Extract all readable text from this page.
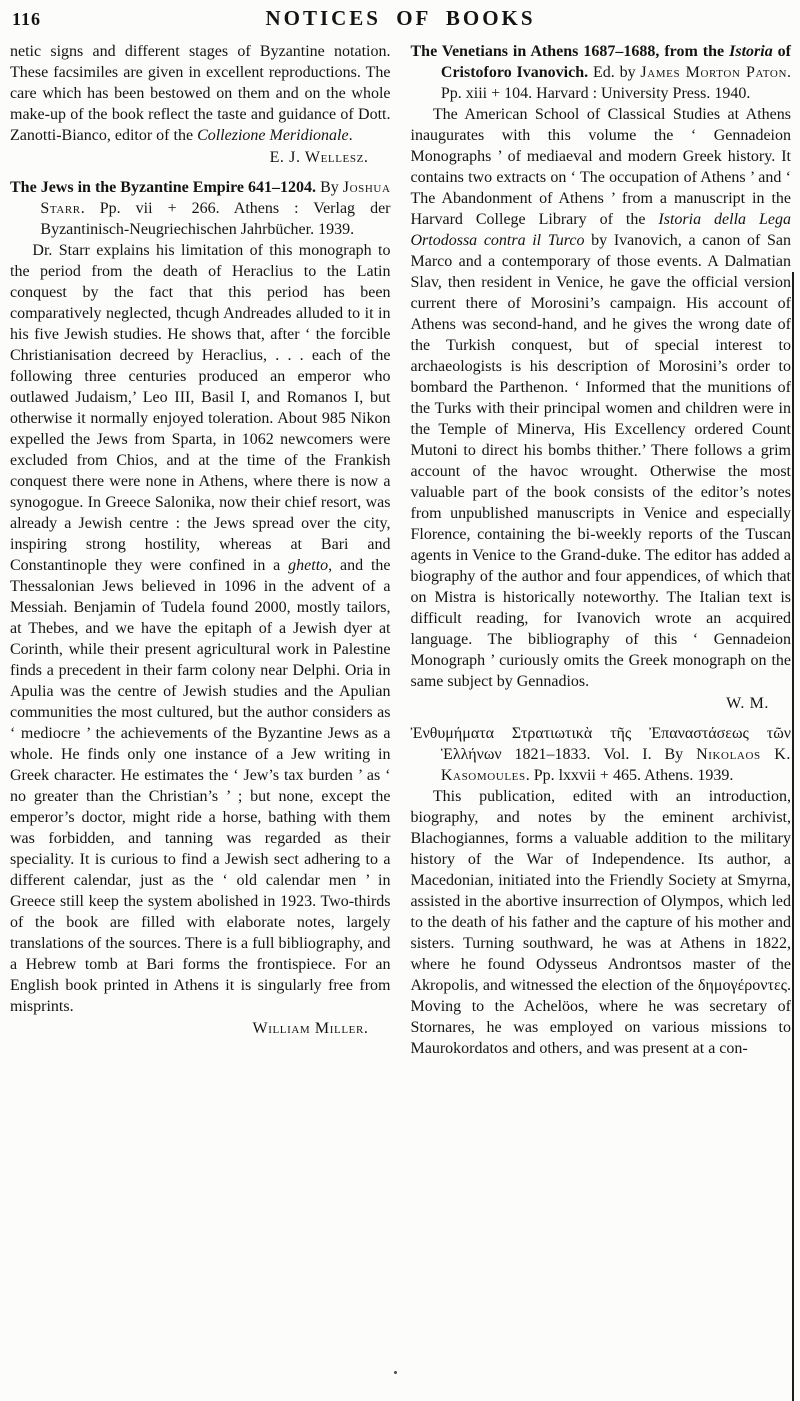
116	NOTICES OF BOOKS

netic signs and different stages of Byzantine notation. These facsimiles are given in excellent reproductions. The care which has been bestowed on them and on the whole make-up of the book reflect the taste and guidance of Dott. Zanotti-Bianco, editor of the Collezione Meridionale.

E. J. Wellesz.

The Jews in the Byzantine Empire 641–1204. By Joshua Starr. Pp. vii + 266. Athens : Verlag der Byzantinisch-Neugriechischen Jahrbücher. 1939.

Dr. Starr explains his limitation of this monograph to the period from the death of Heraclius to the Latin conquest by the fact that this period has been comparatively neglected, thcugh Andreades alluded to it in his five Jewish studies. He shows that, after ‘ the forcible Christianisation decreed by Heraclius, . . . each of the following three centuries produced an emperor who outlawed Judaism,’ Leo III, Basil I, and Romanos I, but otherwise it normally enjoyed toleration. About 985 Nikon expelled the Jews from Sparta, in 1062 newcomers were excluded from Chios, and at the time of the Frankish conquest there were none in Athens, where there is now a synogogue. In Greece Salonika, now their chief resort, was already a Jewish centre : the Jews spread over the city, inspiring strong hostility, whereas at Bari and Constantinople they were confined in a ghetto, and the Thessalonian Jews believed in 1096 in the advent of a Messiah. Benjamin of Tudela found 2000, mostly tailors, at Thebes, and we have the epitaph of a Jewish dyer at Corinth, while their present agricultural work in Palestine finds a precedent in their farm colony near Delphi. Oria in Apulia was the centre of Jewish studies and the Apulian communities the most cultured, but the author considers as ‘ mediocre ’ the achievements of the Byzantine Jews as a whole. He finds only one instance of a Jew writing in Greek character. He estimates the ‘ Jew’s tax burden ’ as ‘ no greater than the Christian’s ’ ; but none, except the emperor’s doctor, might ride a horse, bathing with them was forbidden, and tanning was regarded as their speciality. It is curious to find a Jewish sect adhering to a different calendar, just as the ‘ old calendar men ’ in Greece still keep the system abolished in 1923. Two-thirds of the book are filled with elaborate notes, largely translations of the sources. There is a full bibliography, and a Hebrew tomb at Bari forms the frontispiece. For an English book printed in Athens it is singularly free from misprints.

William Miller.

The Venetians in Athens 1687–1688, from the Istoria of Cristoforo Ivanovich. Ed. by James Morton Paton. Pp. xiii + 104. Harvard : University Press. 1940.

The American School of Classical Studies at Athens inaugurates with this volume the ‘ Gennadeion Monographs ’ of mediaeval and modern Greek history. It contains two extracts on ‘ The occupation of Athens ’ and ‘ The Abandonment of Athens ’ from a manuscript in the Harvard College Library of the Istoria della Lega Ortodossa contra il Turco by Ivanovich, a canon of San Marco and a contemporary of those events. A Dalmatian Slav, then resident in Venice, he gave the official version current there of Morosini’s campaign. His account of Athens was second-hand, and he gives the wrong date of the Turkish conquest, but of special interest to archaeologists is his description of Morosini’s order to bombard the Parthenon. ‘ Informed that the munitions of the Turks with their principal women and children were in the Temple of Minerva, His Excellency ordered Count Mutoni to direct his bombs thither.’ There follows a grim account of the havoc wrought. Otherwise the most valuable part of the book consists of the editor’s notes from unpublished manuscripts in Venice and especially Florence, containing the bi-weekly reports of the Tuscan agents in Venice to the Grand-duke. The editor has added a biography of the author and four appendices, of which that on Mistra is historically noteworthy. The Italian text is difficult reading, for Ivanovich wrote an acquired language. The bibliography of this ‘ Gennadeion Monograph ’ curiously omits the Greek monograph on the same subject by Gennadios.

W. M.

Ἐνθυμήματα Στρατιωτικὰ τῆς Ἐπαναστάσεως τῶν Ἑλλήνων 1821–1833. Vol. I. By Nikolaos K. Kasomoules. Pp. lxxvii + 465. Athens. 1939.

This publication, edited with an introduction, biography, and notes by the eminent archivist, Blachogiannes, forms a valuable addition to the military history of the War of Independence. Its author, a Macedonian, initiated into the Friendly Society at Smyrna, assisted in the abortive insurrection of Olympos, which led to the death of his father and the capture of his mother and sisters. Turning southward, he was at Athens in 1822, where he found Odysseus Androntsos master of the Akropolis, and witnessed the election of the δημογέροντες. Moving to the Achelöos, where he was secretary of Stornares, he was employed on various missions to Maurokordatos and others, and was present at a con-
